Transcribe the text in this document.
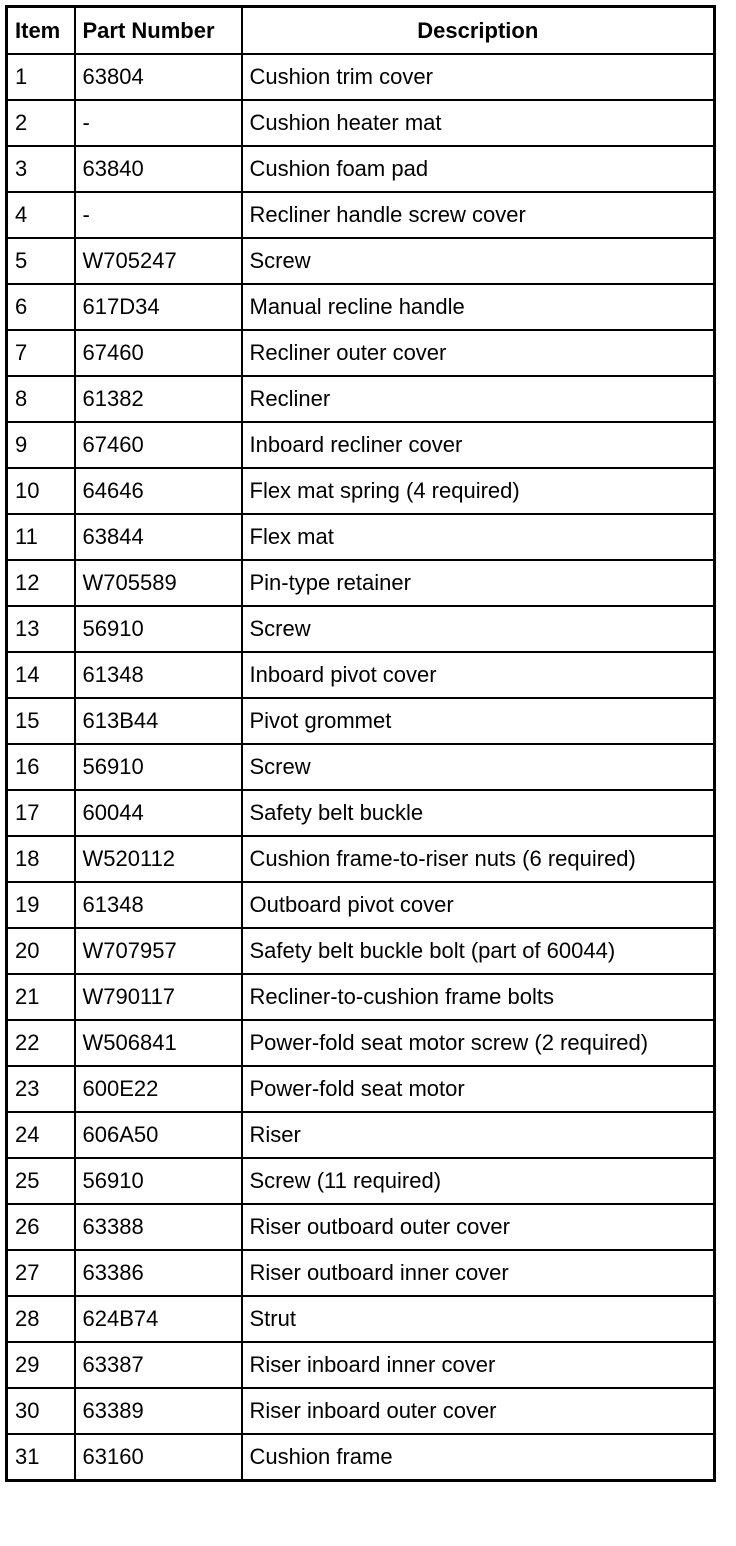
Item	Part Number	Description
1	63804	Cushion trim cover
2	-	Cushion heater mat
3	63840	Cushion foam pad
4	-	Recliner handle screw cover
5	W705247	Screw
6	617D34	Manual recline handle
7	67460	Recliner outer cover
8	61382	Recliner
9	67460	Inboard recliner cover
10	64646	Flex mat spring (4 required)
11	63844	Flex mat
12	W705589	Pin-type retainer
13	56910	Screw
14	61348	Inboard pivot cover
15	613B44	Pivot grommet
16	56910	Screw
17	60044	Safety belt buckle
18	W520112	Cushion frame-to-riser nuts (6 required)
19	61348	Outboard pivot cover
20	W707957	Safety belt buckle bolt (part of 60044)
21	W790117	Recliner-to-cushion frame bolts
22	W506841	Power-fold seat motor screw (2 required)
23	600E22	Power-fold seat motor
24	606A50	Riser
25	56910	Screw (11 required)
26	63388	Riser outboard outer cover
27	63386	Riser outboard inner cover
28	624B74	Strut
29	63387	Riser inboard inner cover
30	63389	Riser inboard outer cover
31	63160	Cushion frame
